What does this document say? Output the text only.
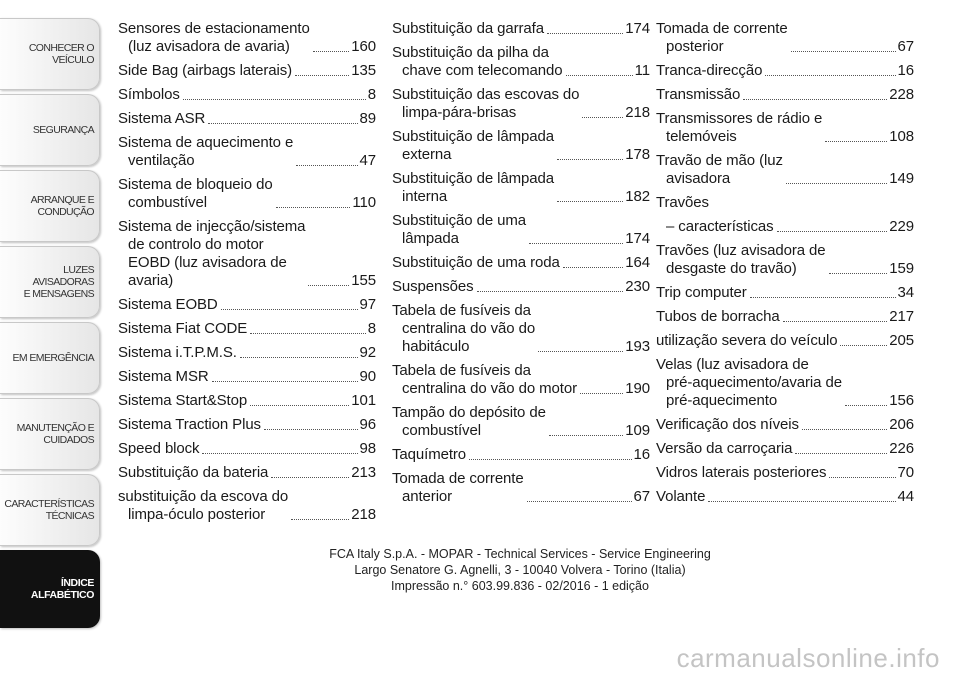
CONHECER O
VEÍCULO
SEGURANÇA
ARRANQUE E
CONDUÇÃO
LUZES AVISADORAS
E MENSAGENS
EM EMERGÊNCIA
MANUTENÇÃO E
CUIDADOS
CARACTERÍSTICAS
TÉCNICAS
ÍNDICE
ALFABÉTICO
Sensores de estacionamento
(luz avisadora de avaria)	160
Side Bag (airbags laterais)	135
Símbolos	8
Sistema ASR	89
Sistema de aquecimento e
ventilação	47
Sistema de bloqueio do
combustível	110
Sistema de injecção/sistema
de controlo do motor
EOBD (luz avisadora de
avaria)	155
Sistema EOBD	97
Sistema Fiat CODE	8
Sistema i.T.P.M.S.	92
Sistema MSR	90
Sistema Start&Stop	101
Sistema Traction Plus	96
Speed block	98
Substituição da bateria	213
substituição da escova do
limpa-óculo posterior	218
Substituição da garrafa	174
Substituição da pilha da
chave com telecomando	11
Substituição das escovas do
limpa-pára-brisas	218
Substituição de lâmpada
externa	178
Substituição de lâmpada
interna	182
Substituição de uma
lâmpada	174
Substituição de uma roda	164
Suspensões	230
Tabela de fusíveis da
centralina do vão do
habitáculo	193
Tabela de fusíveis da
centralina do vão do motor	190
Tampão do depósito de
combustível	109
Taquímetro	16
Tomada de corrente
anterior	67
Tomada de corrente
posterior	67
Tranca-direcção	16
Transmissão	228
Transmissores de rádio e
telemóveis	108
Travão de mão (luz
avisadora	149
Travões
– características	229
Travões (luz avisadora de
desgaste do travão)	159
Trip computer	34
Tubos de borracha	217
utilização severa do veículo	205
Velas (luz avisadora de
pré-aquecimento/avaria de
pré-aquecimento	156
Verificação dos níveis	206
Versão da carroçaria	226
Vidros laterais posteriores	70
Volante	44
FCA Italy S.p.A. - MOPAR - Technical Services - Service Engineering
Largo Senatore G. Agnelli, 3 - 10040 Volvera - Torino (Italia)
Impressão n.° 603.99.836 - 02/2016 - 1 edição
carmanualsonline.info
